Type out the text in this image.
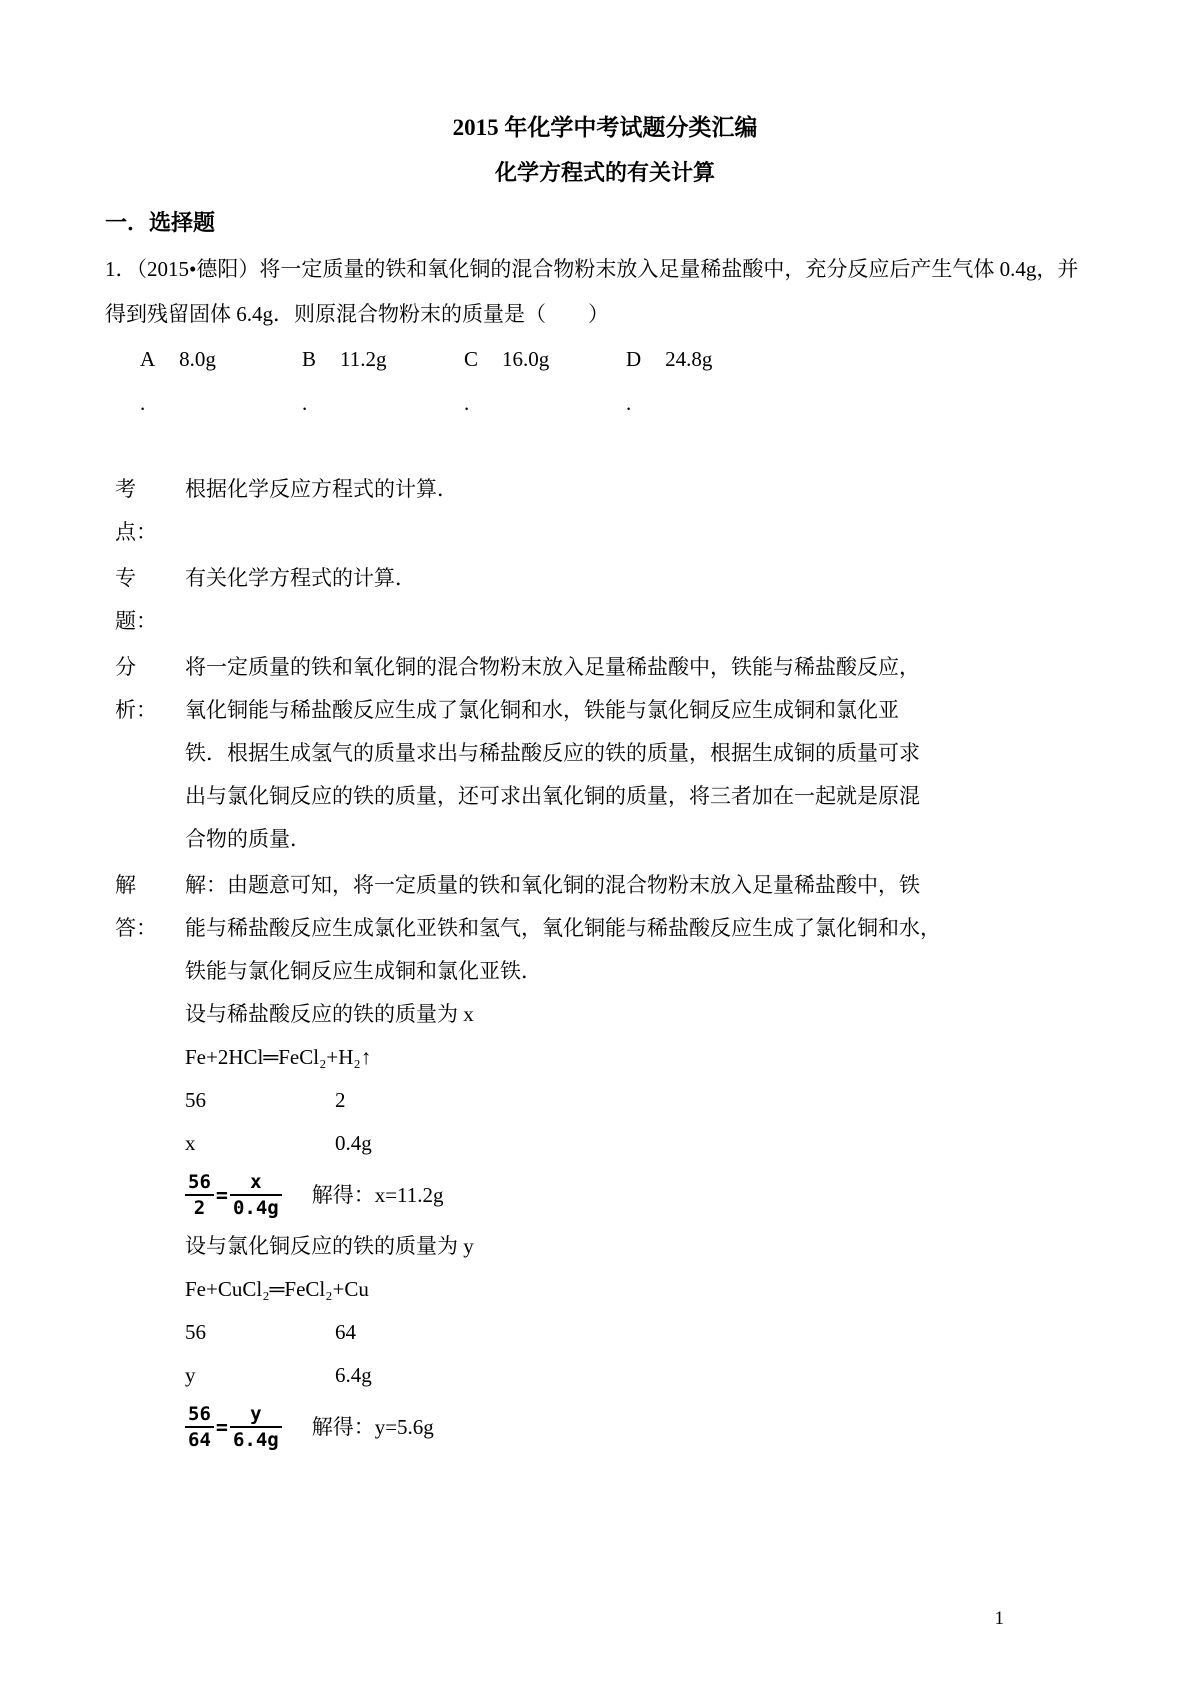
2015 年化学中考试题分类汇编
化学方程式的有关计算
一．选择题
1．（2015•德阳）将一定质量的铁和氧化铜的混合物粉末放入足量稀盐酸中，充分反应后产生气体 0.4g，并
得到残留固体 6.4g．则原混合物粉末的质量是（　　）
A 8.0g	B 11.2g	C 16.0g	D 24.8g
.	.	.	.
考
点：
根据化学反应方程式的计算．
专
题：
有关化学方程式的计算．
分
析：
将一定质量的铁和氧化铜的混合物粉末放入足量稀盐酸中，铁能与稀盐酸反应，
氧化铜能与稀盐酸反应生成了氯化铜和水，铁能与氯化铜反应生成铜和氯化亚
铁．根据生成氢气的质量求出与稀盐酸反应的铁的质量，根据生成铜的质量可求
出与氯化铜反应的铁的质量，还可求出氧化铜的质量，将三者加在一起就是原混
合物的质量．
解
答：
解：由题意可知，将一定质量的铁和氧化铜的混合物粉末放入足量稀盐酸中，铁
能与稀盐酸反应生成氯化亚铁和氢气，氧化铜能与稀盐酸反应生成了氯化铜和水，
铁能与氯化铜反应生成铜和氯化亚铁．
设与稀盐酸反应的铁的质量为 x
Fe+2HCl═FeCl₂+H₂↑
56	2
x	0.4g
$\frac{56}{2} = \frac{x}{0.4g}$ 解得：x=11.2g
设与氯化铜反应的铁的质量为 y
Fe+CuCl₂═FeCl₂+Cu
56	64
y	6.4g
$\frac{56}{64} = \frac{y}{6.4g}$ 解得：y=5.6g
1
